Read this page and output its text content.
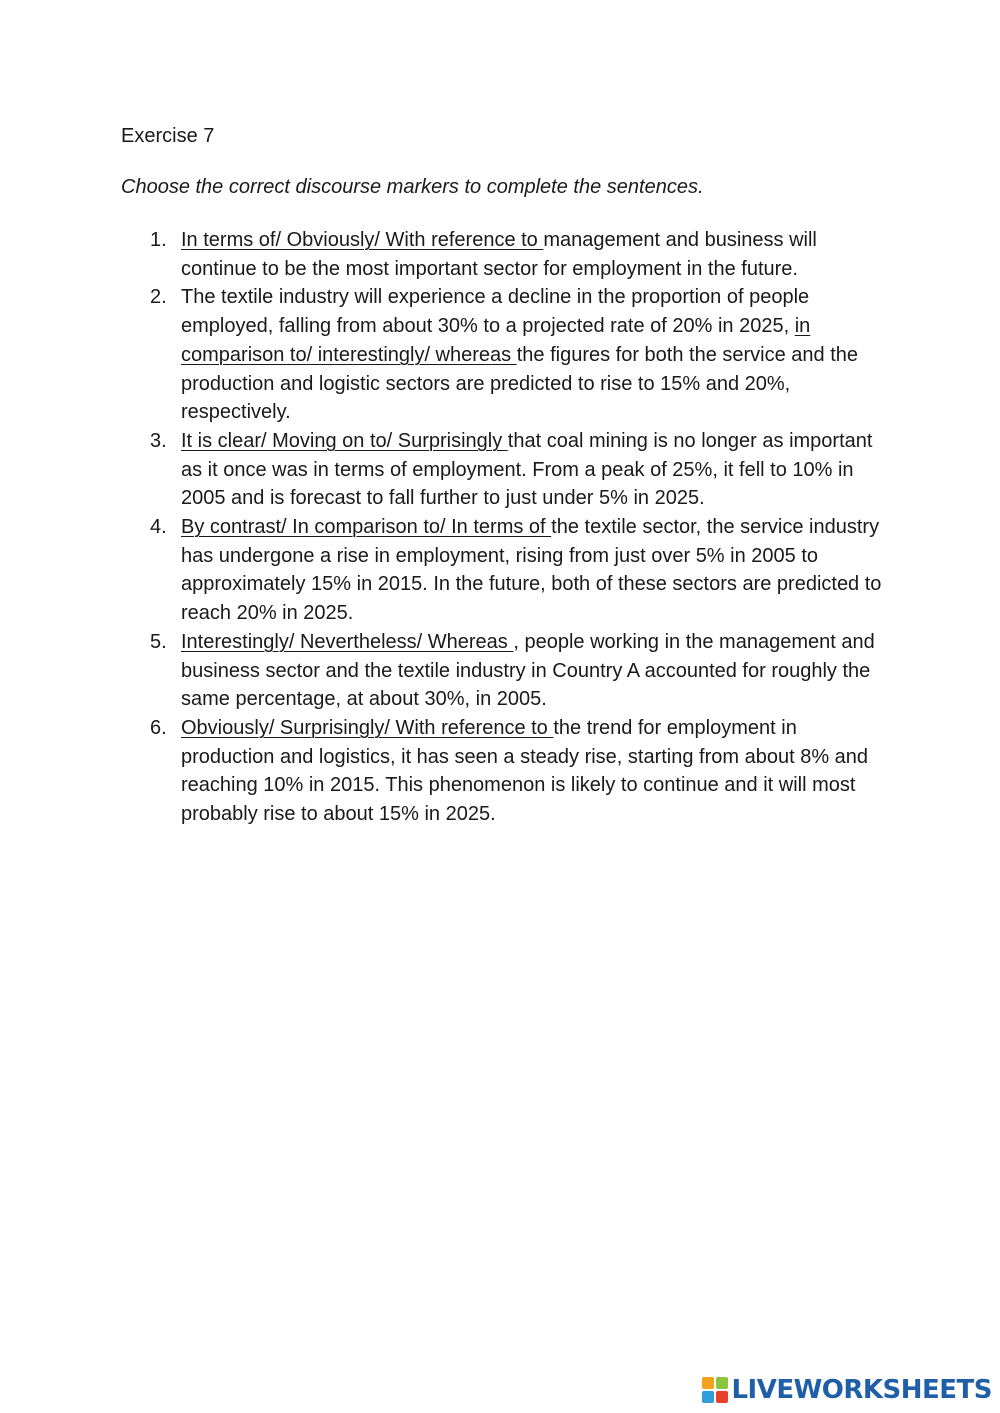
Exercise 7
Choose the correct discourse markers to complete the sentences.
1. In terms of/ Obviously/ With reference to management and business will continue to be the most important sector for employment in the future.
2. The textile industry will experience a decline in the proportion of people employed, falling from about 30% to a projected rate of 20% in 2025, in comparison to/ interestingly/ whereas the figures for both the service and the production and logistic sectors are predicted to rise to 15% and 20%, respectively.
3. It is clear/ Moving on to/ Surprisingly that coal mining is no longer as important as it once was in terms of employment. From a peak of 25%, it fell to 10% in 2005 and is forecast to fall further to just under 5% in 2025.
4. By contrast/ In comparison to/ In terms of the textile sector, the service industry has undergone a rise in employment, rising from just over 5% in 2005 to approximately 15% in 2015. In the future, both of these sectors are predicted to reach 20% in 2025.
5. Interestingly/ Nevertheless/ Whereas , people working in the management and business sector and the textile industry in Country A accounted for roughly the same percentage, at about 30%, in 2005.
6. Obviously/ Surprisingly/ With reference to the trend for employment in production and logistics, it has seen a steady rise, starting from about 8% and reaching 10% in 2015. This phenomenon is likely to continue and it will most probably rise to about 15% in 2025.
LIVEWORKSHEETS
